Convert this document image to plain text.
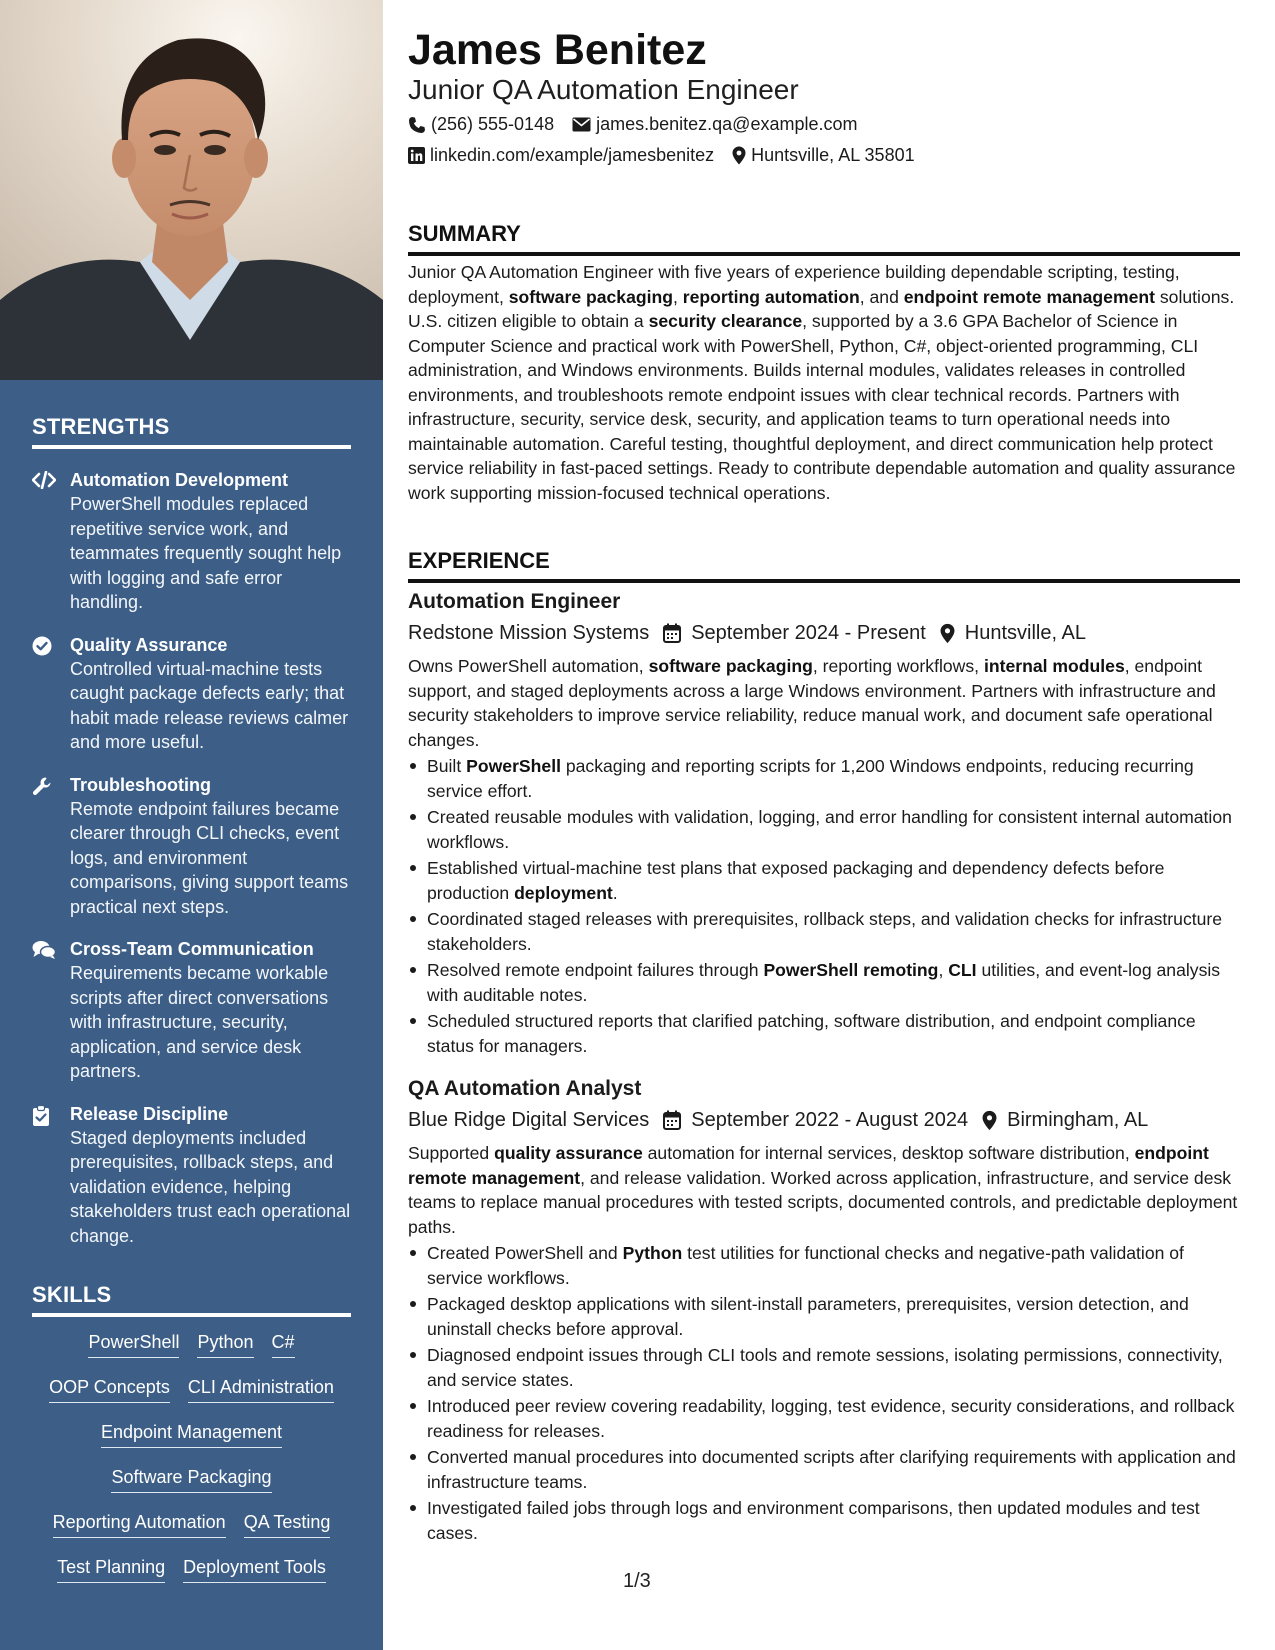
STRENGTHS
Automation Development
PowerShell modules replaced repetitive service work, and teammates frequently sought help with logging and safe error handling.
Quality Assurance
Controlled virtual-machine tests caught package defects early; that habit made release reviews calmer and more useful.
Troubleshooting
Remote endpoint failures became clearer through CLI checks, event logs, and environment comparisons, giving support teams practical next steps.
Cross-Team Communication
Requirements became workable scripts after direct conversations with infrastructure, security, application, and service desk partners.
Release Discipline
Staged deployments included prerequisites, rollback steps, and validation evidence, helping stakeholders trust each operational change.
SKILLS
PowerShell Python C#
OOP Concepts CLI Administration
Endpoint Management
Software Packaging
Reporting Automation QA Testing
Test Planning Deployment Tools
James Benitez
Junior QA Automation Engineer
(256) 555-0148 james.benitez.qa@example.com
linkedin.com/example/jamesbenitez Huntsville, AL 35801
SUMMARY
Junior QA Automation Engineer with five years of experience building dependable scripting, testing, deployment, software packaging, reporting automation, and endpoint remote management solutions. U.S. citizen eligible to obtain a security clearance, supported by a 3.6 GPA Bachelor of Science in Computer Science and practical work with PowerShell, Python, C#, object-oriented programming, CLI administration, and Windows environments. Builds internal modules, validates releases in controlled environments, and troubleshoots remote endpoint issues with clear technical records. Partners with infrastructure, security, service desk, security, and application teams to turn operational needs into maintainable automation. Careful testing, thoughtful deployment, and direct communication help protect service reliability in fast-paced settings. Ready to contribute dependable automation and quality assurance work supporting mission-focused technical operations.
EXPERIENCE
Automation Engineer
Redstone Mission Systems September 2024 - Present Huntsville, AL
Owns PowerShell automation, software packaging, reporting workflows, internal modules, endpoint support, and staged deployments across a large Windows environment. Partners with infrastructure and security stakeholders to improve service reliability, reduce manual work, and document safe operational changes.
Built PowerShell packaging and reporting scripts for 1,200 Windows endpoints, reducing recurring service effort.
Created reusable modules with validation, logging, and error handling for consistent internal automation workflows.
Established virtual-machine test plans that exposed packaging and dependency defects before production deployment.
Coordinated staged releases with prerequisites, rollback steps, and validation checks for infrastructure stakeholders.
Resolved remote endpoint failures through PowerShell remoting, CLI utilities, and event-log analysis with auditable notes.
Scheduled structured reports that clarified patching, software distribution, and endpoint compliance status for managers.
QA Automation Analyst
Blue Ridge Digital Services September 2022 - August 2024 Birmingham, AL
Supported quality assurance automation for internal services, desktop software distribution, endpoint remote management, and release validation. Worked across application, infrastructure, and service desk teams to replace manual procedures with tested scripts, documented controls, and predictable deployment paths.
Created PowerShell and Python test utilities for functional checks and negative-path validation of service workflows.
Packaged desktop applications with silent-install parameters, prerequisites, version detection, and uninstall checks before approval.
Diagnosed endpoint issues through CLI tools and remote sessions, isolating permissions, connectivity, and service states.
Introduced peer review covering readability, logging, test evidence, security considerations, and rollback readiness for releases.
Converted manual procedures into documented scripts after clarifying requirements with application and infrastructure teams.
Investigated failed jobs through logs and environment comparisons, then updated modules and test cases.
1/3
